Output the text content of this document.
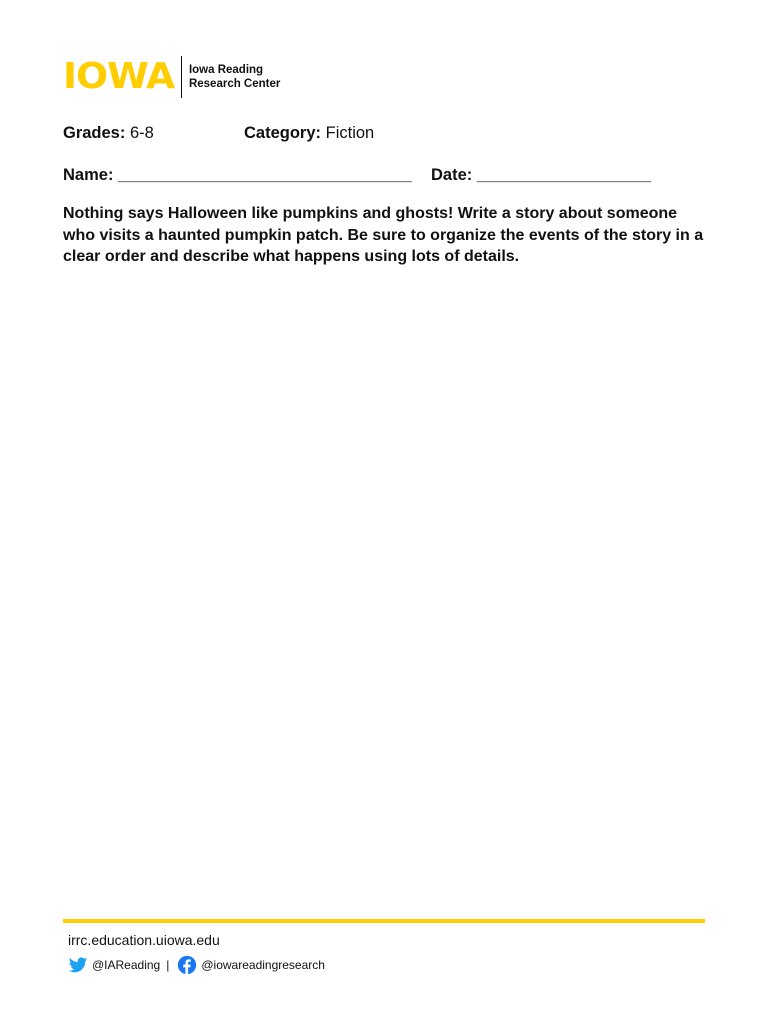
IOWA Iowa Reading
Research Center
Grades: 6-8	Category: Fiction
Name: ________________________________ Date: ___________________
Nothing says Halloween like pumpkins and ghosts! Write a story about someone who visits a haunted pumpkin patch. Be sure to organize the events of the story in a clear order and describe what happens using lots of details.
irrc.education.uiowa.edu
@IAReading |	@iowareadingresearch
